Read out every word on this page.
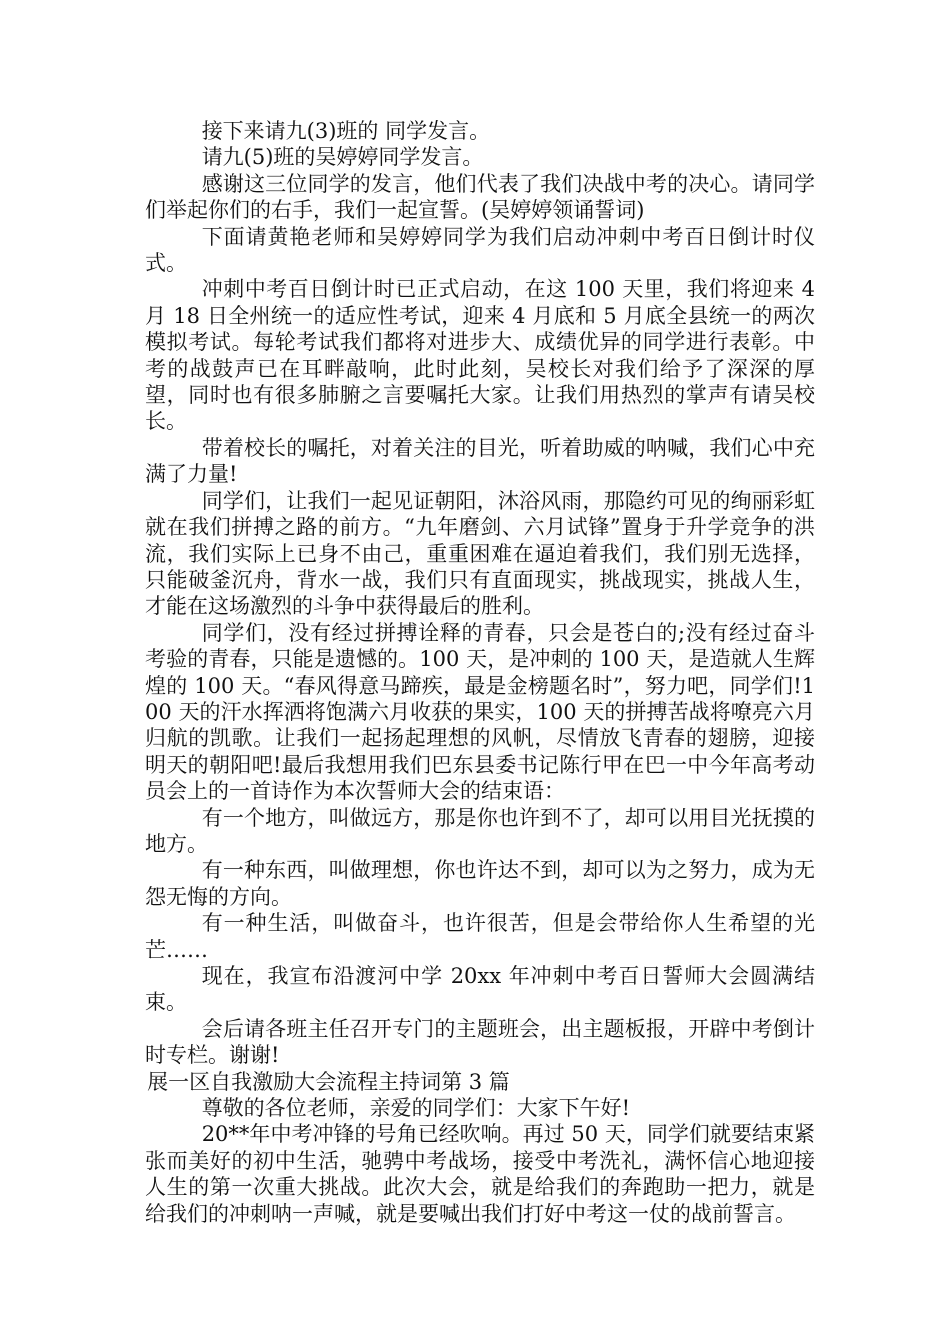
接下来请九(3)班的 同学发言。

请九(5)班的吴婷婷同学发言。

感谢这三位同学的发言，他们代表了我们决战中考的决心。请同学们举起你们的右手，我们一起宣誓。(吴婷婷领诵誓词)

下面请黄艳老师和吴婷婷同学为我们启动冲刺中考百日倒计时仪式。

冲刺中考百日倒计时已正式启动，在这 100 天里，我们将迎来 4 月 18 日全州统一的适应性考试，迎来 4 月底和 5 月底全县统一的两次模拟考试。每轮考试我们都将对进步大、成绩优异的同学进行表彰。中考的战鼓声已在耳畔敲响，此时此刻，吴校长对我们给予了深深的厚望，同时也有很多肺腑之言要嘱托大家。让我们用热烈的掌声有请吴校长。

带着校长的嘱托，对着关注的目光，听着助威的呐喊，我们心中充满了力量!

同学们，让我们一起见证朝阳，沐浴风雨，那隐约可见的绚丽彩虹就在我们拼搏之路的前方。“九年磨剑、六月试锋”置身于升学竞争的洪流，我们实际上已身不由己，重重困难在逼迫着我们，我们别无选择，只能破釜沉舟，背水一战，我们只有直面现实，挑战现实，挑战人生，才能在这场激烈的斗争中获得最后的胜利。

同学们，没有经过拼搏诠释的青春，只会是苍白的;没有经过奋斗考验的青春，只能是遗憾的。100 天，是冲刺的 100 天，是造就人生辉煌的 100 天。“春风得意马蹄疾，最是金榜题名时”，努力吧，同学们!100 天的汗水挥洒将饱满六月收获的果实，100 天的拼搏苦战将嘹亮六月归航的凯歌。让我们一起扬起理想的风帆，尽情放飞青春的翅膀，迎接明天的朝阳吧!最后我想用我们巴东县委书记陈行甲在巴一中今年高考动员会上的一首诗作为本次誓师大会的结束语：

有一个地方，叫做远方，那是你也许到不了，却可以用目光抚摸的地方。

有一种东西，叫做理想，你也许达不到，却可以为之努力，成为无怨无悔的方向。

有一种生活，叫做奋斗，也许很苦，但是会带给你人生希望的光芒……

现在，我宣布沿渡河中学 20xx 年冲刺中考百日誓师大会圆满结束。

会后请各班主任召开专门的主题班会，出主题板报，开辟中考倒计时专栏。谢谢!

展一区自我激励大会流程主持词第 3 篇

尊敬的各位老师，亲爱的同学们：大家下午好!

20**年中考冲锋的号角已经吹响。再过 50 天，同学们就要结束紧张而美好的初中生活，驰骋中考战场，接受中考洗礼，满怀信心地迎接人生的第一次重大挑战。此次大会，就是给我们的奔跑助一把力，就是给我们的冲刺呐一声喊，就是要喊出我们打好中考这一仗的战前誓言。
